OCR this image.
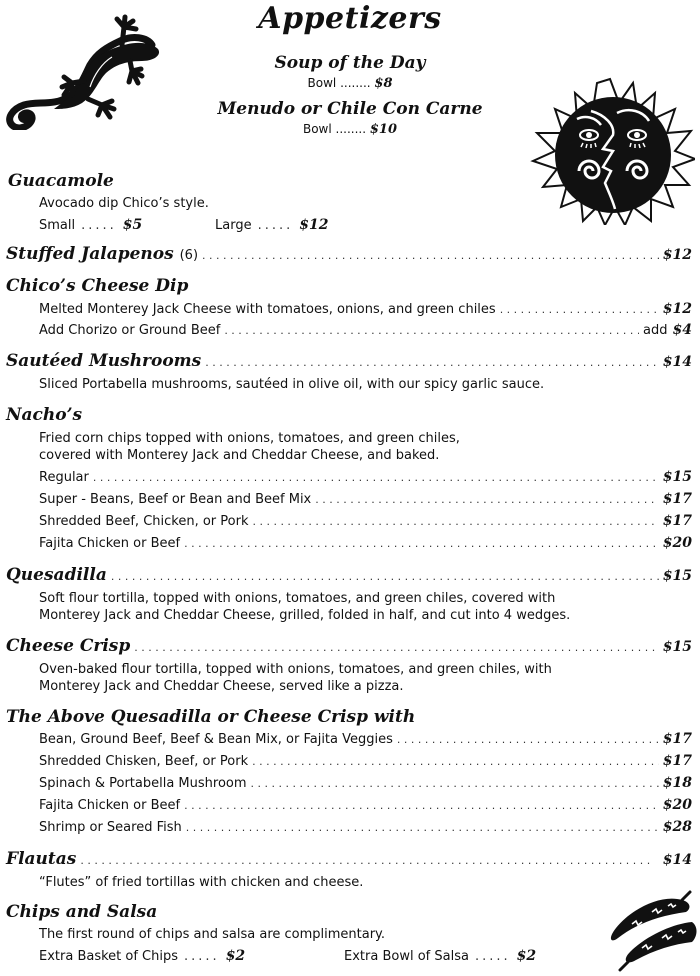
Appetizers
Soup of the Day
Bowl ........ $8
Menudo or Chile Con Carne
Bowl ........ $10
Guacamole
Avocado dip Chico’s style.
Small ..... $5	Large ..... $12
Stuffed Jalapenos (6) . . .	$12
Chico’s Cheese Dip
Melted Monterey Jack Cheese with tomatoes, onions, and green chiles . . .	$12
Add Chorizo or Ground Beef . . .	add $4
Sautéed Mushrooms . . .	$14
Sliced Portabella mushrooms, sautéed in olive oil, with our spicy garlic sauce.
Nacho’s
Fried corn chips topped with onions, tomatoes, and green chiles,
covered with Monterey Jack and Cheddar Cheese, and baked.
Regular . . .	$15
Super - Beans, Beef or Bean and Beef Mix . . .	$17
Shredded Beef, Chicken, or Pork . . .	$17
Fajita Chicken or Beef . . .	$20
Quesadilla . . .	$15
Soft flour tortilla, topped with onions, tomatoes, and green chiles, covered with
Monterey Jack and Cheddar Cheese, grilled, folded in half, and cut into 4 wedges.
Cheese Crisp . . .	$15
Oven-baked flour tortilla, topped with onions, tomatoes, and green chiles, with
Monterey Jack and Cheddar Cheese, served like a pizza.
The Above Quesadilla or Cheese Crisp with
Bean, Ground Beef, Beef & Bean Mix, or Fajita Veggies . . .	$17
Shredded Chisken, Beef, or Pork . . .	$17
Spinach & Portabella Mushroom . . .	$18
Fajita Chicken or Beef . . .	$20
Shrimp or Seared Fish . . .	$28
Flautas . . .	$14
“Flutes” of fried tortillas with chicken and cheese.
Chips and Salsa
The first round of chips and salsa are complimentary.
Extra Basket of Chips ..... $2	Extra Bowl of Salsa ..... $2
